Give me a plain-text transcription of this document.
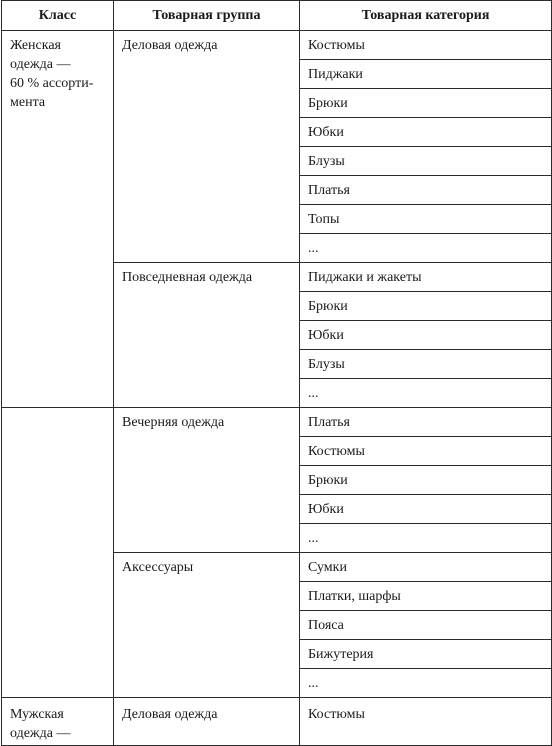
Класс	Товарная группа	Товарная категория

Женская
одежда —
60 % ассорти-
мента	Деловая одежда	Костюмы
		Пиджаки
		Брюки
		Юбки
		Блузы
		Платья
		Топы
		...
	Повседневная одежда	Пиджаки и жакеты
		Брюки
		Юбки
		Блузы
		...
	Вечерняя одежда	Платья
		Костюмы
		Брюки
		Юбки
		...
	Аксессуары	Сумки
		Платки, шарфы
		Пояса
		Бижутерия
		...

Мужская
одежда —	Деловая одежда	Костюмы
